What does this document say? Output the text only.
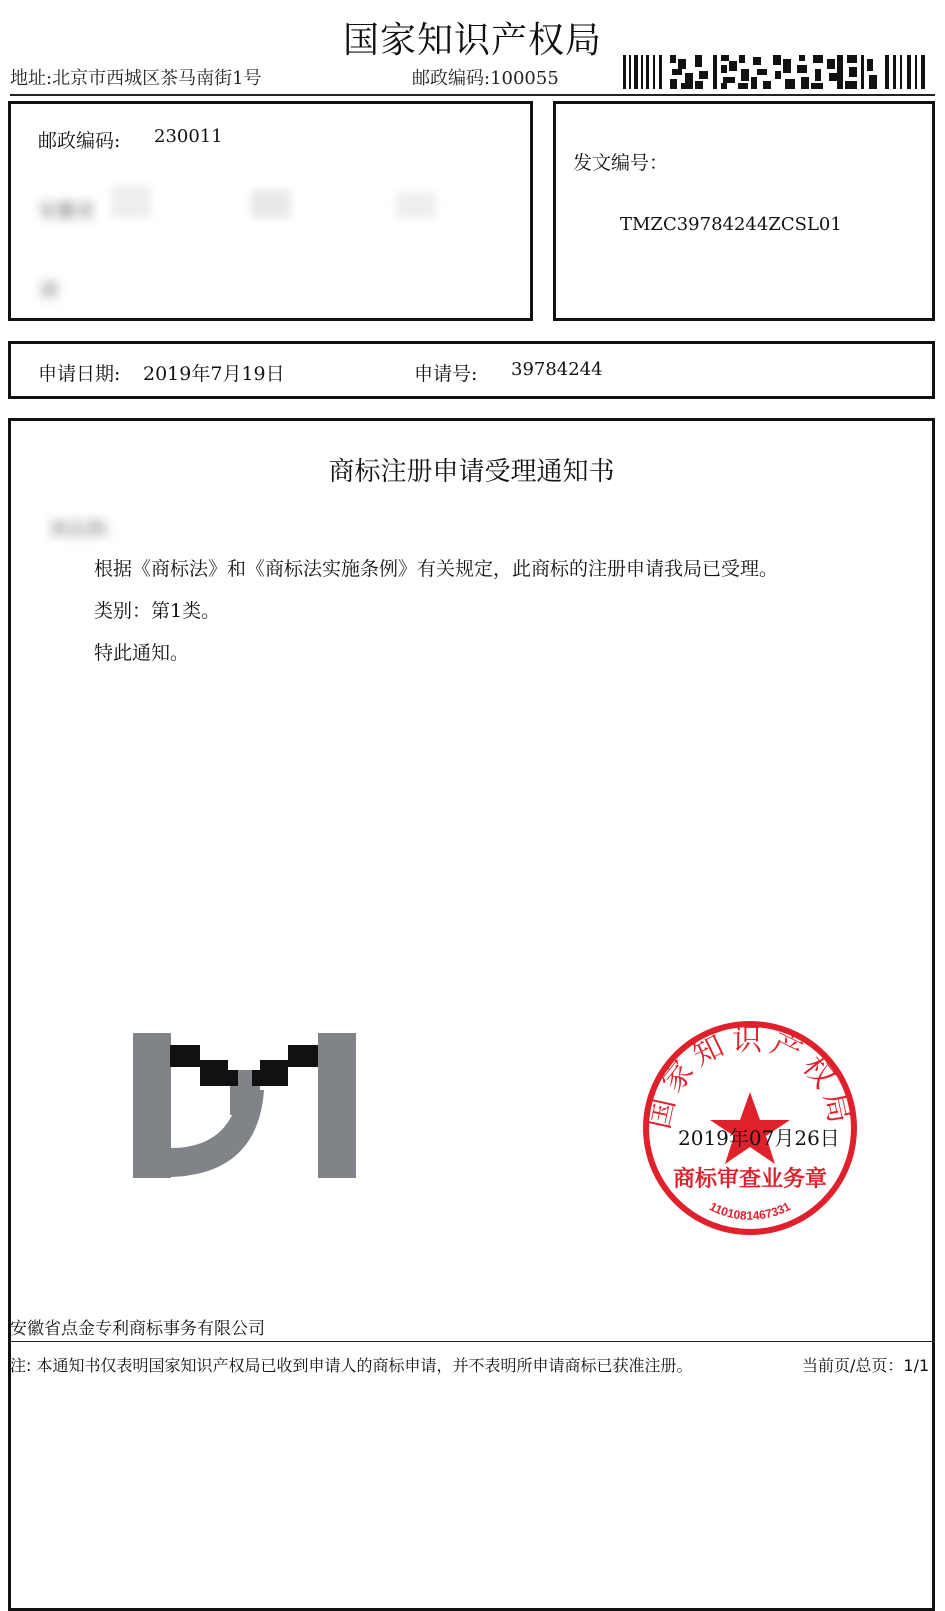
国家知识产权局
地址:北京市西城区茶马南街1号	邮政编码:100055
邮政编码: 230011
安徽省
刘
发文编号：
TMZC39784244ZCSL01
申请日期: 2019年7月19日	申请号: 39784244
商标注册申请受理通知书
刘志润：
根据《商标法》和《商标法实施条例》有关规定，此商标的注册申请我局已受理。
类别：第1类。
特此通知。
国家知识产权局
商标审查业务章
1101081467331
2019年07月26日
安徽省点金专利商标事务有限公司
注: 本通知书仅表明国家知识产权局已收到申请人的商标申请，并不表明所申请商标已获准注册。	当前页/总页：1/1
